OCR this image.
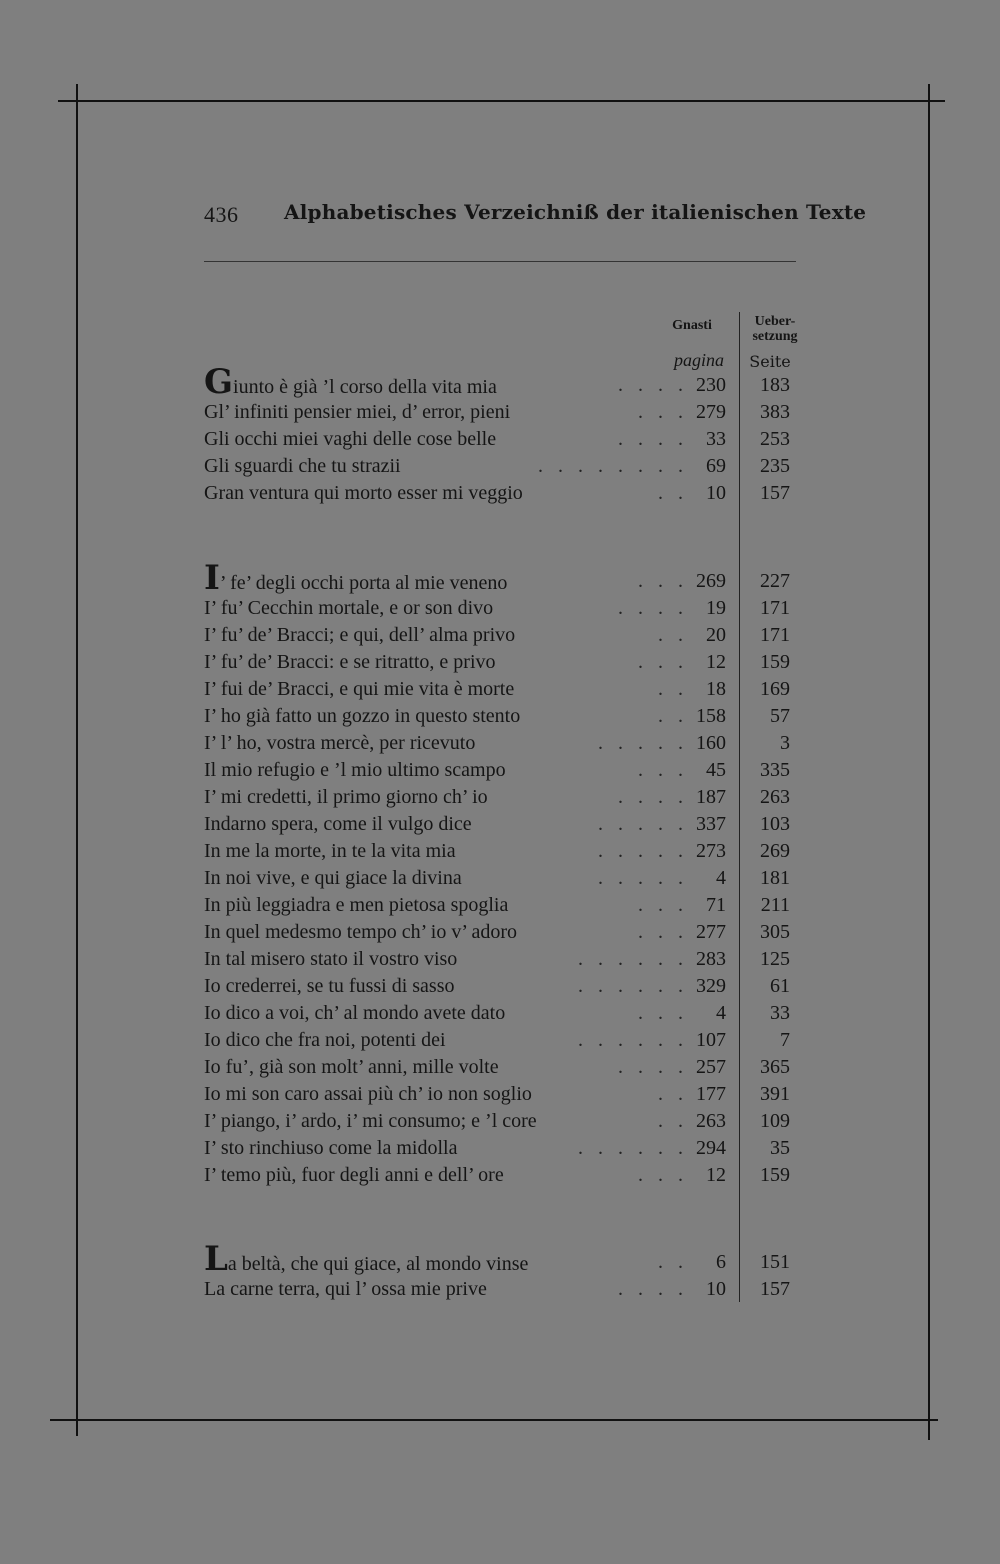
436 Alphabetisches Verzeichniß der italienischen Texte
Gnasti	Ueber-
setzung
pagina	Seite
Giunto è già ’l corso della vita mia	. . . . 230	183
Gl’ infiniti pensier miei, d’ error, pieni	. . . 279	383
Gli occhi miei vaghi delle cose belle	. . . . 33	253
Gli sguardi che tu strazii	. . . . . . . . 69	235
Gran ventura qui morto esser mi veggio	. . 10	157
I’ fe’ degli occhi porta al mie veneno	. . . 269	227
I’ fu’ Cecchin mortale, e or son divo	. . . . 19	171
I’ fu’ de’ Bracci; e qui, dell’ alma privo	. . 20	171
I’ fu’ de’ Bracci: e se ritratto, e privo	. . . 12	159
I’ fui de’ Bracci, e qui mie vita è morte	. . 18	169
I’ ho già fatto un gozzo in questo stento	. . 158	57
I’ l’ ho, vostra mercè, per ricevuto	. . . . . 160	3
Il mio refugio e ’l mio ultimo scampo	. . . 45	335
I’ mi credetti, il primo giorno ch’ io	. . . . 187	263
Indarno spera, come il vulgo dice	. . . . . 337	103
In me la morte, in te la vita mia	. . . . . 273	269
In noi vive, e qui giace la divina	. . . . .	4	181
In più leggiadra e men pietosa spoglia	. . . 71	211
In quel medesmo tempo ch’ io v’ adoro	. . . 277	305
In tal misero stato il vostro viso	. . . . . . 283	125
Io crederrei, se tu fussi di sasso	. . . . . . 329	61
Io dico a voi, ch’ al mondo avete dato	. . .	4	33
Io dico che fra noi, potenti dei	. . . . . . 107	7
Io fu’, già son molt’ anni, mille volte	. . . . 257	365
Io mi son caro assai più ch’ io non soglio	. . 177	391
I’ piango, i’ ardo, i’ mi consumo; e ’l core	. . 263	109
I’ sto rinchiuso come la midolla	. . . . . . 294	35
I’ temo più, fuor degli anni e dell’ ore	. . . 12	159
La beltà, che qui giace, al mondo vinse	. .	6	151
La carne terra, qui l’ ossa mie prive	. . . . 10	157
